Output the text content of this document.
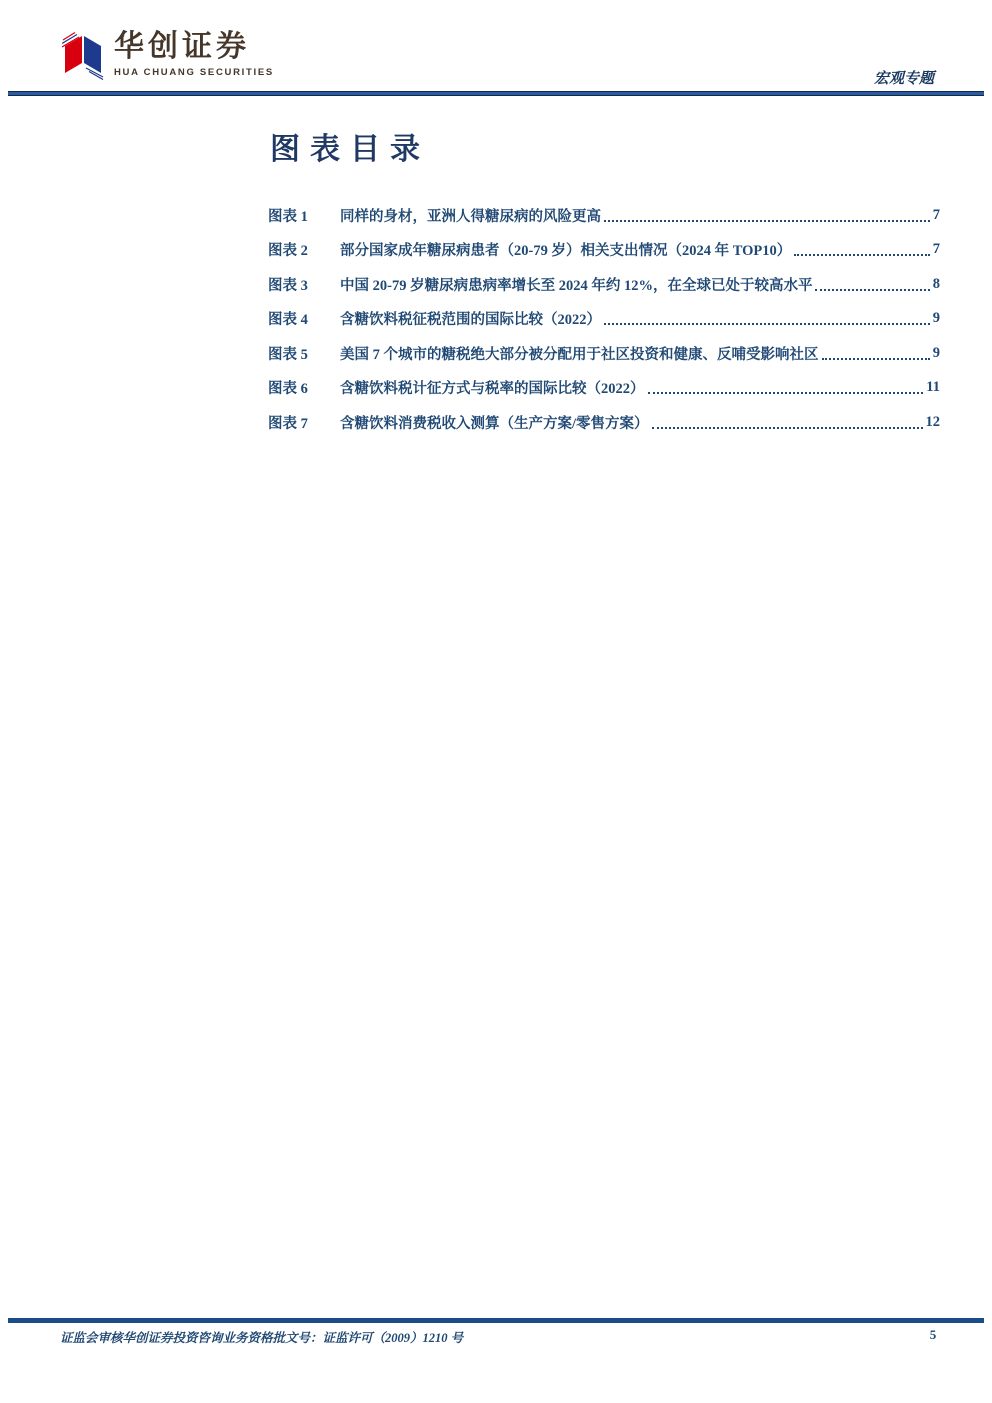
华创证券
HUA CHUANG SECURITIES	宏观专题
图表目录
图表 1	同样的身材，亚洲人得糖尿病的风险更高	7
图表 2	部分国家成年糖尿病患者（20-79 岁）相关支出情况（2024 年 TOP10）	7
图表 3	中国 20-79 岁糖尿病患病率增长至 2024 年约 12%，在全球已处于较高水平	8
图表 4	含糖饮料税征税范围的国际比较（2022）	9
图表 5	美国 7 个城市的糖税绝大部分被分配用于社区投资和健康、反哺受影响社区	9
图表 6	含糖饮料税计征方式与税率的国际比较（2022）	11
图表 7	含糖饮料消费税收入测算（生产方案/零售方案）	12
证监会审核华创证券投资咨询业务资格批文号：证监许可（2009）1210 号	5
